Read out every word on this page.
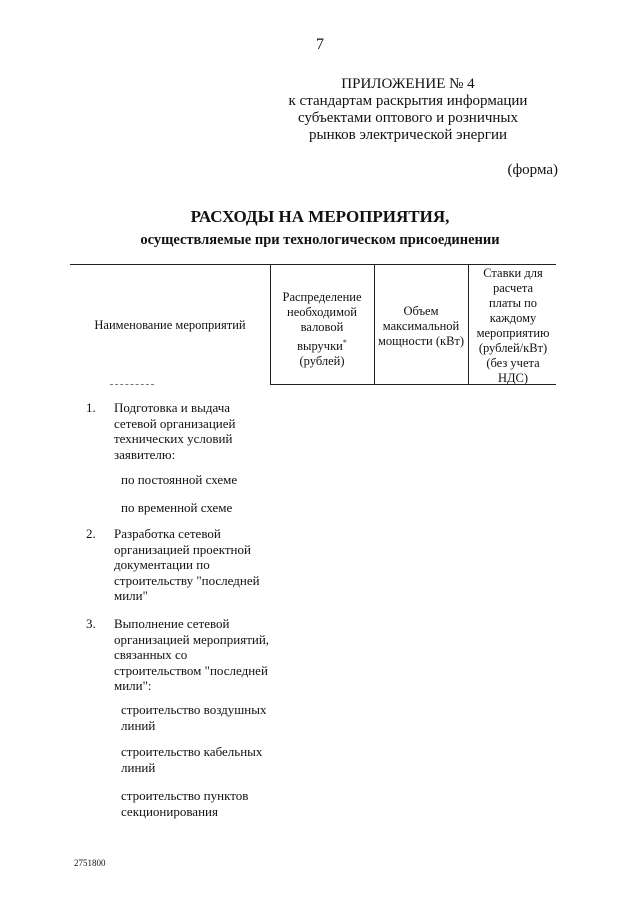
7
ПРИЛОЖЕНИЕ № 4
к стандартам раскрытия информации
субъектами оптового и розничных
рынков электрической энергии
(форма)
РАСХОДЫ НА МЕРОПРИЯТИЯ,
осуществляемые при технологическом присоединении
Наименование мероприятий
Распределение
необходимой
валовой
выручки*
(рублей)
Объем
максимальной
мощности (кВт)
Ставки для
расчета
платы по
каждому
мероприятию
(рублей/кВт)
(без учета
НДС)
1. Подготовка и выдача
сетевой организацией
технических условий
заявителю:
по постоянной схеме
по временной схеме
2. Разработка сетевой
организацией проектной
документации по
строительству "последней
мили"
3. Выполнение сетевой
организацией мероприятий,
связанных со
строительством "последней
мили":
строительство воздушных
линий
строительство кабельных
линий
строительство пунктов
секционирования
2751800
